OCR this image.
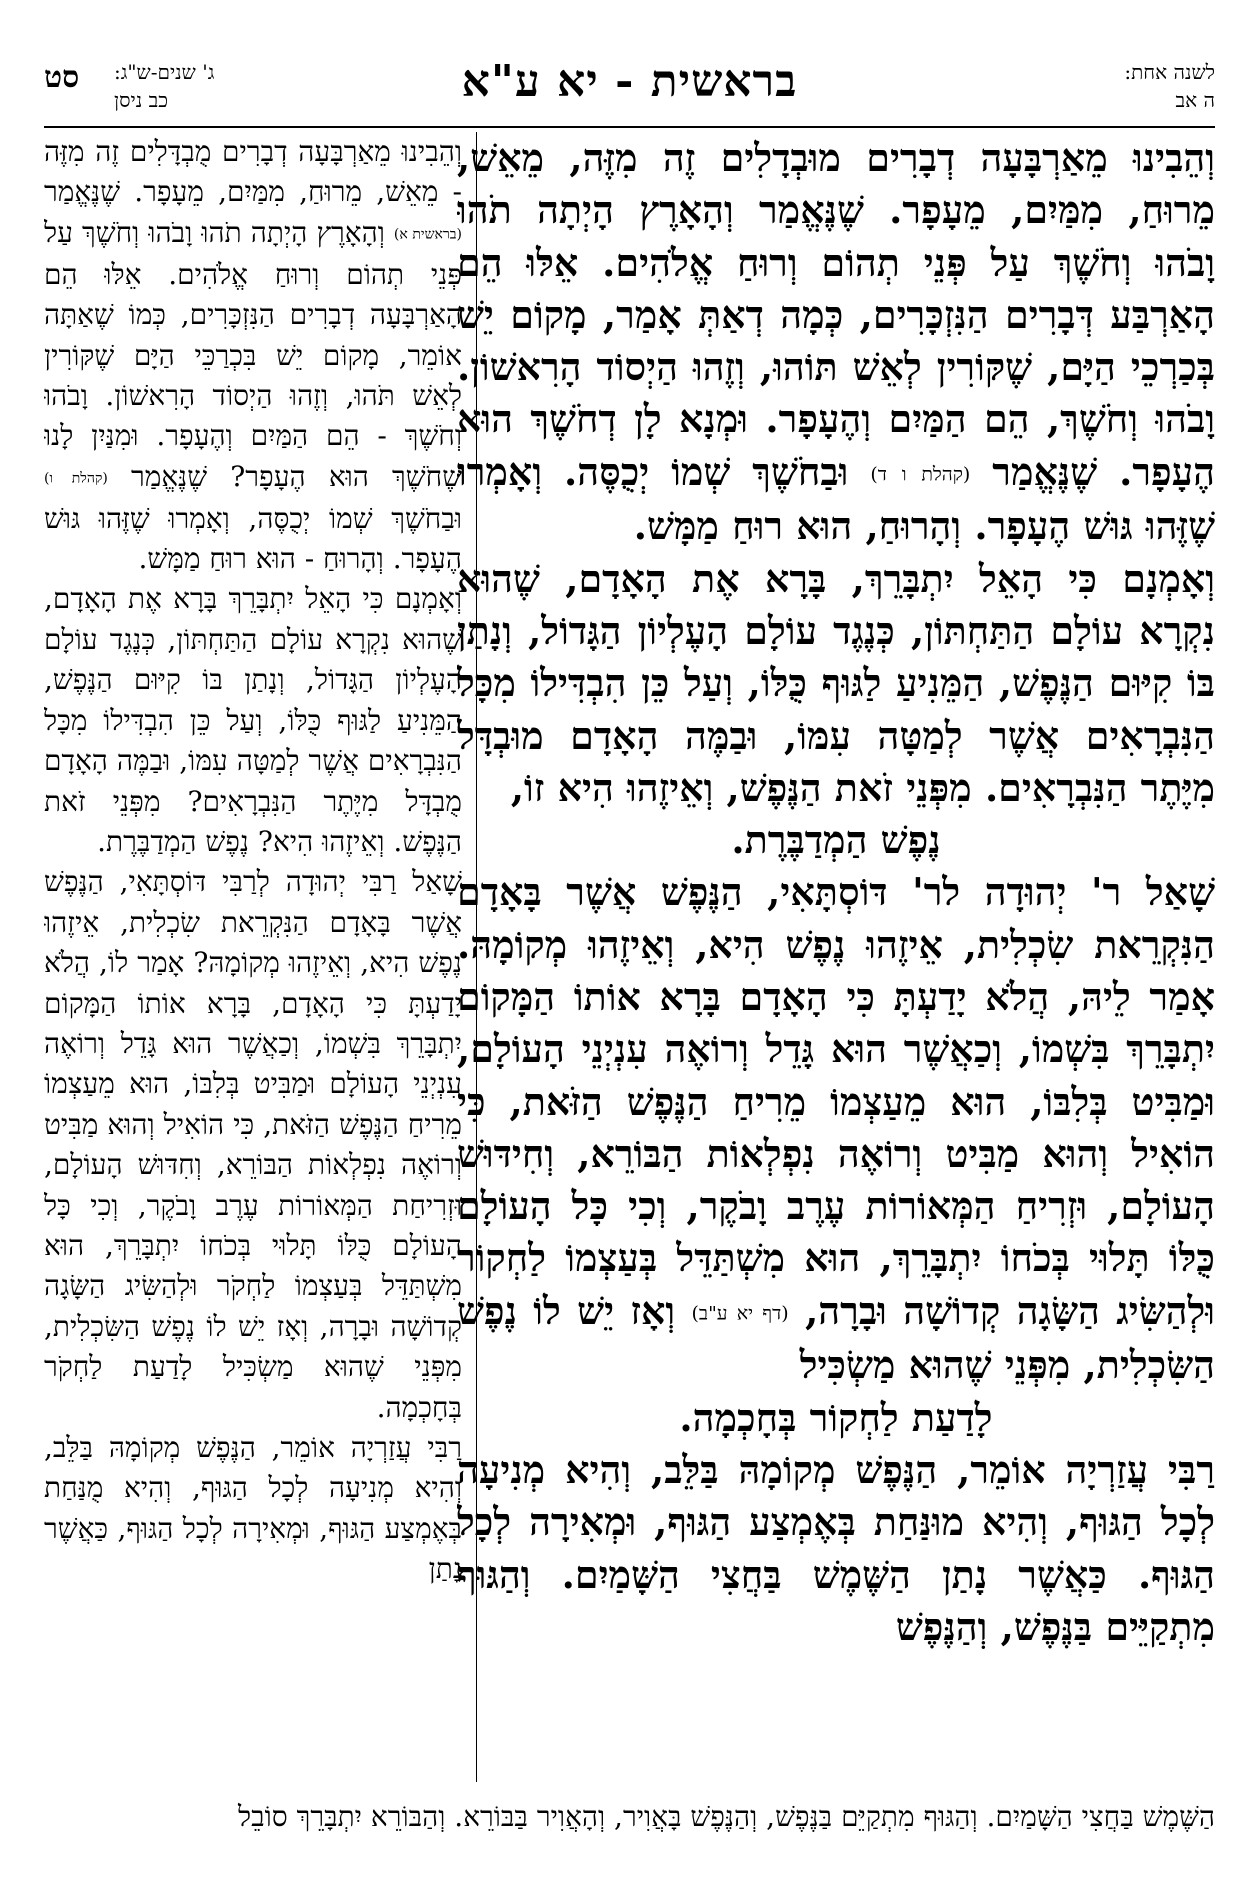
לשנה אחת:
ה אב
בראשית - יא ע"א
ג' שנים-ש"ג:
כב ניסן
סט

וְהֵבִינוּ מֵאַרְבָּעָה דְבָרִים מוּבְדָלִים זֶה מִזֶּה, מֵאֵשׁ, מֵרוּחַ, מִמַּיִם, מֵעָפָר. שֶׁנֶּאֱמַר וְהָאָרֶץ הָיְתָה תֹהוּ וָבֹהוּ וְחֹשֶׁךְ עַל פְּנֵי תְהוֹם וְרוּחַ אֱלֹהִים. אֵלּוּ הֵם הָאַרְבַּע דְּבָרִים הַנִּזְכָּרִים, כְּמָה דְאַתְּ אָמַר, מָקוֹם יֵשׁ בְּכַרְכֵי הַיָּם, שֶׁקּוֹרִין לְאֵשׁ תּוֹהוּ, וְזֶהוּ הַיְסוֹד הָרִאשׁוֹן. וָבֹהוּ וְחֹשֶׁךְ, הֵם הַמַּיִם וְהֶעָפָר. וּמְנָא לָן דְחֹשֶׁךְ הוּא הֶעָפָר. שֶׁנֶּאֱמַר (קהלת ו ד) וּבַחֹשֶׁךְ שְׁמוֹ יְכֻסֶּה. וְאָמְרוּ שֶׁזֶּהוּ גּוּשׁ הֶעָפָר. וְהָרוּחַ, הוּא רוּחַ מַמָּשׁ.

וְאָמְנָם כִּי הָאֵל יִתְבָּרֵךְ, בָּרָא אֶת הָאָדָם, שֶׁהוּא נִקְרָא עוֹלָם הַתַּחְתּוֹן, כְּנֶגֶד עוֹלָם הָעֶלְיוֹן הַגָּדוֹל, וְנָתַן בּוֹ קִיּוּם הַנֶּפֶשׁ, הַמֵּנִיעַ לַגּוּף כֻּלּוֹ, וְעַל כֵּן הִבְדִּילוֹ מִכָּל הַנִּבְרָאִים אֲשֶׁר לְמַטָּה עִמּוֹ, וּבַמֶּה הָאָדָם מוּבְדָּל מִיֶּתֶר הַנִּבְרָאִים. מִפְּנֵי זֹאת הַנֶּפֶשׁ, וְאֵיזֶהוּ הִיא זוֹ,

נֶפֶשׁ הַמְדַבֶּרֶת.

שָׁאַל ר' יְהוּדָה לר' דּוֹסְתָּאִי, הַנֶּפֶשׁ אֲשֶׁר בָּאָדָם הַנִּקְרֵאת שִׂכְלִית, אֵיזֶהוּ נֶפֶשׁ הִיא, וְאֵיזֶהוּ מְקוֹמָהּ. אָמַר לֵיהּ, הֲלֹא יָדַעְתָּ כִּי הָאָדָם בָּרָא אוֹתוֹ הַמָּקוֹם יִתְבָּרֵךְ בִּשְׁמוֹ, וְכַאֲשֶׁר הוּא גָּדֵל וְרוֹאֶה עִנְיְנֵי הָעוֹלָם, וּמַבִּיט בְּלִבּוֹ, הוּא מֵעַצְמוֹ מֵרִיחַ הַנֶּפֶשׁ הַזֹּאת, כִּי הוֹאִיל וְהוּא מַבִּיט וְרוֹאֶה נִפְלְאוֹת הַבּוֹרֵא, וְחִידּוּשׁ הָעוֹלָם, וּזְרִיחַ הַמְּאוֹרוֹת עֶרֶב וָבֹקֶר, וְכִי כָּל הָעוֹלָם כֻּלּוֹ תָּלוּי בְּכֹחוֹ יִתְבָּרֵךְ, הוּא מִשְׁתַּדֵּל בְּעַצְמוֹ לַחְקוֹר וּלְהַשִּׂיג הַשָּׂגָה קְדוֹשָׁה וּבָרָה, (דף יא ע"ב) וְאָז יֵשׁ לוֹ נֶפֶשׁ הַשִּׂכְלִית, מִפְּנֵי שֶׁהוּא מַשְׂכִּיל

לָדַעַת לַחְקוֹר בְּחָכְמָה.

רַבִּי עֲזַרְיָה אוֹמֵר, הַנֶּפֶשׁ מְקוֹמָהּ בַּלֵּב, וְהִיא מְנִיעָה לְכָל הַגּוּף, וְהִיא מוּנַּחַת בְּאֶמְצַע הַגּוּף, וּמְאִירָה לְכָל הַגּוּף. כַּאֲשֶׁר נָתַן הַשֶּׁמֶשׁ בַּחֲצִי הַשָּׁמַיִם. וְהַגּוּף מִתְקַיֵּים בַּנֶּפֶשׁ, וְהַנֶּפֶשׁ

וְהֵבִינוּ מֵאַרְבָּעָה דְבָרִים מֻבְדָּלִים זֶה מִזֶּה - מֵאֵשׁ, מֵרוּחַ, מִמַּיִם, מֵעָפָר. שֶׁנֶּאֱמַר (בראשית א) וְהָאָרֶץ הָיְתָה תֹהוּ וָבֹהוּ וְחֹשֶׁךְ עַל פְּנֵי תְהוֹם וְרוּחַ אֱלֹהִים. אֵלּוּ הֵם הָאַרְבָּעָה דְבָרִים הַנִּזְכָּרִים, כְּמוֹ שֶׁאַתָּה אוֹמֵר, מָקוֹם יֵשׁ בִּכְרַכֵּי הַיָּם שֶׁקּוֹרִין לְאֵשׁ תֹּהוּ, וְזֶהוּ הַיְסוֹד הָרִאשׁוֹן. וָבֹהוּ וְחֹשֶׁךְ - הֵם הַמַּיִם וְהֶעָפָר. וּמִנַּיִן לָנוּ שֶׁחֹשֶׁךְ הוּא הֶעָפָר? שֶׁנֶּאֱמַר (קהלת ו) וּבַחֹשֶׁךְ שְׁמוֹ יְכֻסֶּה, וְאָמְרוּ שֶׁזֶּהוּ גּוּשׁ הֶעָפָר. וְהָרוּחַ - הוּא רוּחַ מַמָּשׁ.

וְאָמְנָם כִּי הָאֵל יִתְבָּרֵךְ בָּרָא אֶת הָאָדָם, שֶׁהוּא נִקְרָא עוֹלָם הַתַּחְתּוֹן, כְּנֶגֶד עוֹלָם הָעֶלְיוֹן הַגָּדוֹל, וְנָתַן בּוֹ קִיּוּם הַנֶּפֶשׁ, הַמֵּנִיעַ לַגּוּף כֻּלּוֹ, וְעַל כֵּן הִבְדִּילוֹ מִכָּל הַנִּבְרָאִים אֲשֶׁר לְמַטָּה עִמּוֹ, וּבַמֶּה הָאָדָם מֻבְדָּל מִיֶּתֶר הַנִּבְרָאִים? מִפְּנֵי זֹאת הַנֶּפֶשׁ. וְאֵיזֶהוּ הִיא? נֶפֶשׁ הַמְדַבֶּרֶת.

שָׁאַל רַבִּי יְהוּדָה לְרַבִּי דּוֹסְתָּאִי, הַנֶּפֶשׁ אֲשֶׁר בָּאָדָם הַנִּקְרֵאת שִׂכְלִית, אֵיזֶהוּ נֶפֶשׁ הִיא, וְאֵיזֶהוּ מְקוֹמָהּ? אָמַר לוֹ, הֲלֹא יָדַעְתָּ כִּי הָאָדָם, בָּרָא אוֹתוֹ הַמָּקוֹם יִתְבָּרֵךְ בִּשְׁמוֹ, וְכַאֲשֶׁר הוּא גָּדֵל וְרוֹאֶה עִנְיְנֵי הָעוֹלָם וּמַבִּיט בְּלִבּוֹ, הוּא מֵעַצְמוֹ מֵרִיחַ הַנֶּפֶשׁ הַזֹּאת, כִּי הוֹאִיל וְהוּא מַבִּיט וְרוֹאֶה נִפְלְאוֹת הַבּוֹרֵא, וְחִדּוּשׁ הָעוֹלָם, וּזְרִיחַת הַמְּאוֹרוֹת עֶרֶב וָבֹקֶר, וְכִי כָּל הָעוֹלָם כֻּלּוֹ תָּלוּי בְּכֹחוֹ יִתְבָּרֵךְ, הוּא מִשְׁתַּדֵּל בְּעַצְמוֹ לַחְקֹר וּלְהַשִּׂיג הַשָּׂגָה קְדוֹשָׁה וּבָרָה, וְאָז יֵשׁ לוֹ נֶפֶשׁ הַשִּׂכְלִית, מִפְּנֵי שֶׁהוּא מַשְׂכִּיל לָדַעַת לַחְקֹר בְּחָכְמָה.

רַבִּי עֲזַרְיָה אוֹמֵר, הַנֶּפֶשׁ מְקוֹמָהּ בַּלֵּב, וְהִיא מְנִיעָה לְכָל הַגּוּף, וְהִיא מֻנַּחַת בְּאֶמְצַע הַגּוּף, וּמְאִירָה לְכָל הַגּוּף, כַּאֲשֶׁר נָתַן

הַשֶּׁמֶשׁ בַּחֲצִי הַשָּׁמַיִם. וְהַגּוּף מִתְקַיֵּם בַּנֶּפֶשׁ, וְהַנֶּפֶשׁ בָּאֲוִיר, וְהָאֲוִיר בַּבּוֹרֵא. וְהַבּוֹרֵא יִתְבָּרֵךְ סוֹבֵל
